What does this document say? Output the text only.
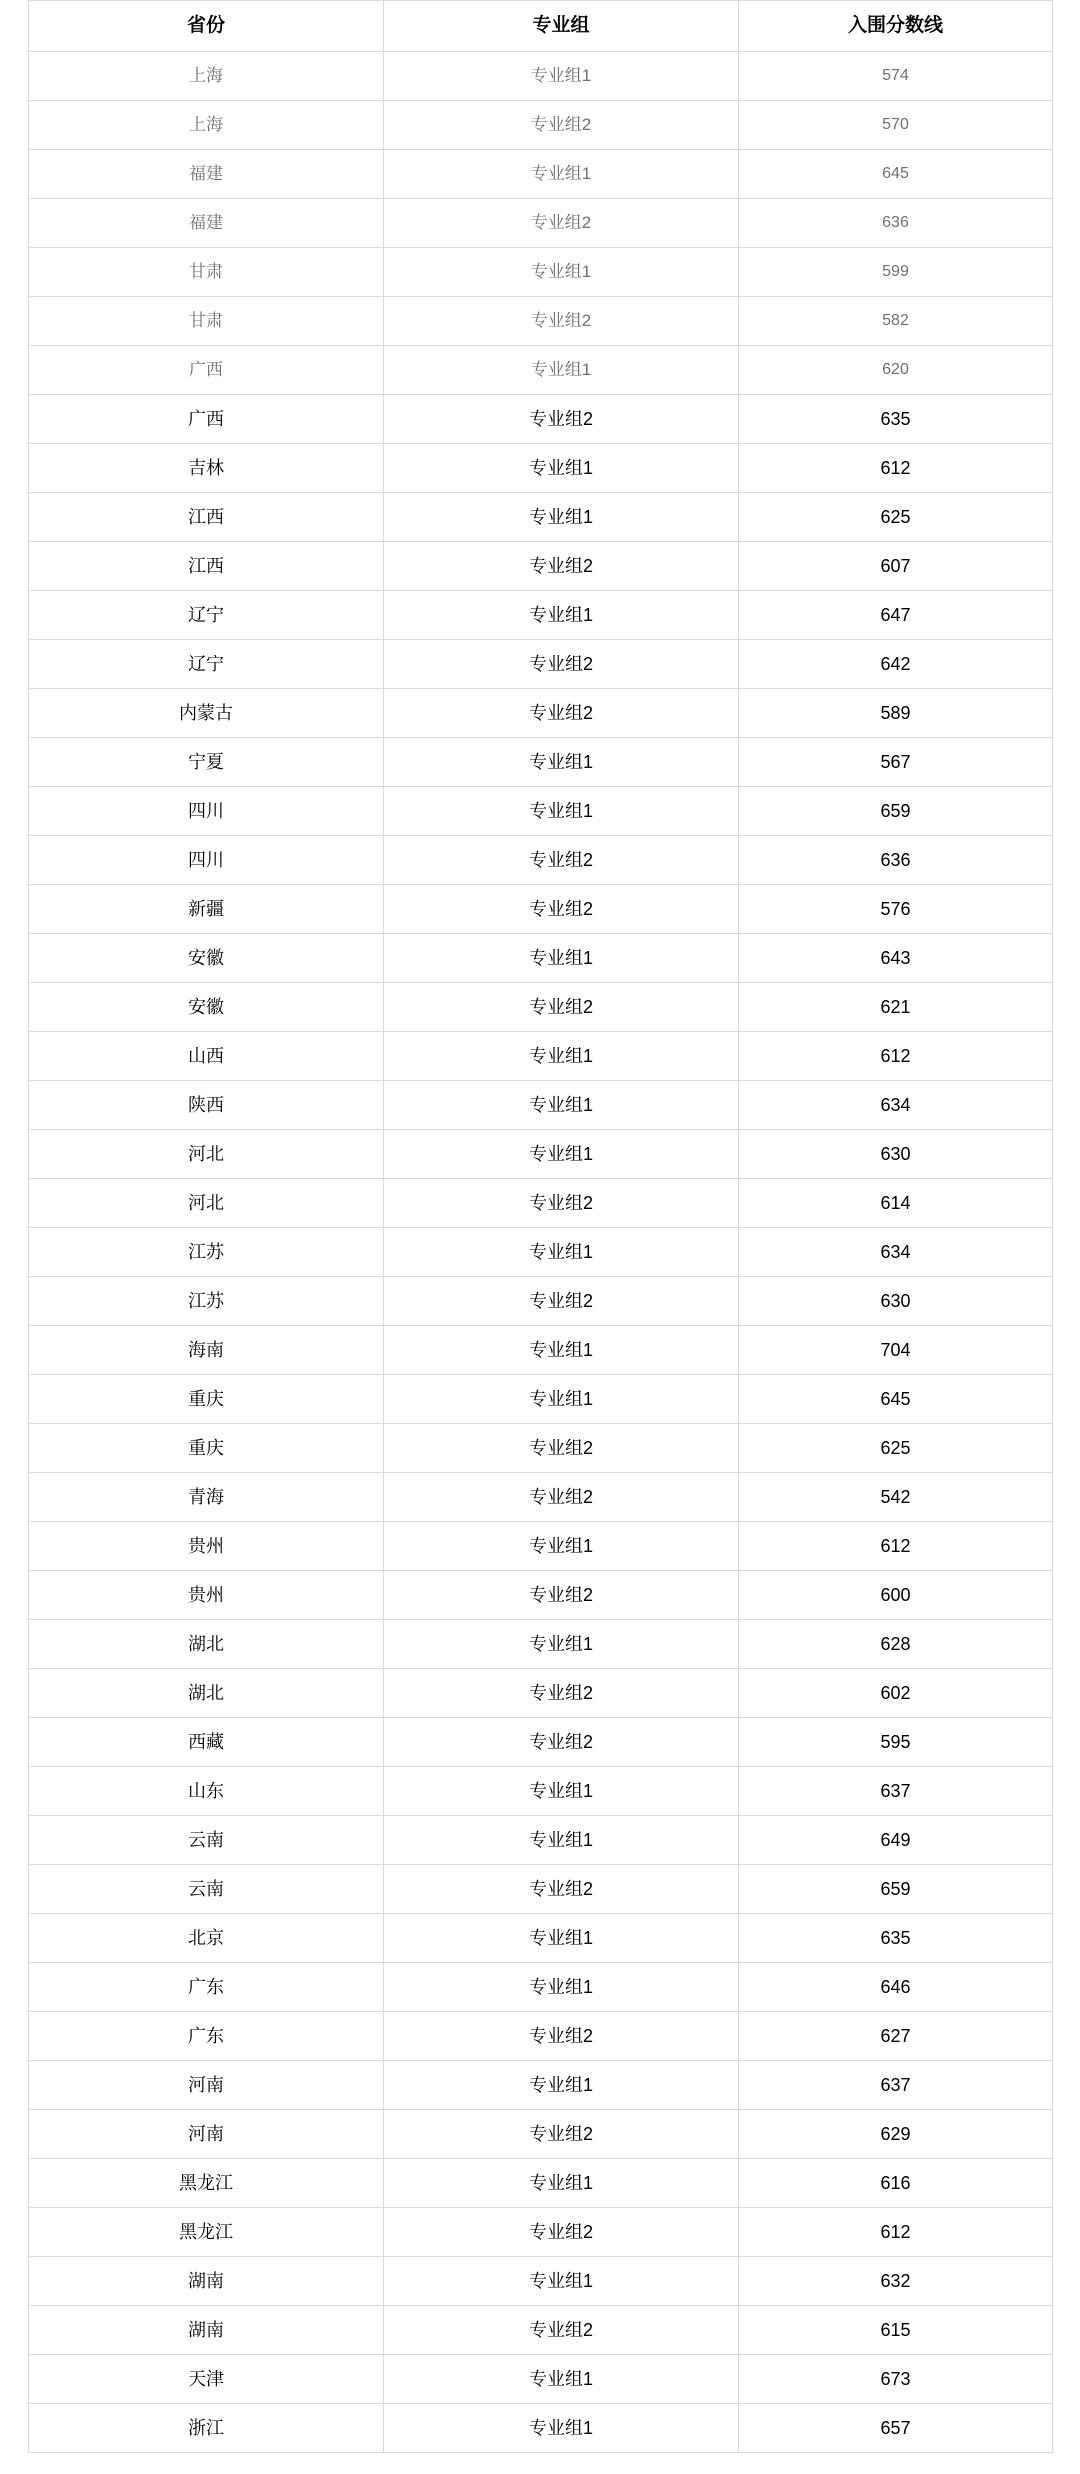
省份	专业组	入围分数线
上海	专业组1	574
上海	专业组2	570
福建	专业组1	645
福建	专业组2	636
甘肃	专业组1	599
甘肃	专业组2	582
广西	专业组1	620
广西	专业组2	635
吉林	专业组1	612
江西	专业组1	625
江西	专业组2	607
辽宁	专业组1	647
辽宁	专业组2	642
内蒙古	专业组2	589
宁夏	专业组1	567
四川	专业组1	659
四川	专业组2	636
新疆	专业组2	576
安徽	专业组1	643
安徽	专业组2	621
山西	专业组1	612
陕西	专业组1	634
河北	专业组1	630
河北	专业组2	614
江苏	专业组1	634
江苏	专业组2	630
海南	专业组1	704
重庆	专业组1	645
重庆	专业组2	625
青海	专业组2	542
贵州	专业组1	612
贵州	专业组2	600
湖北	专业组1	628
湖北	专业组2	602
西藏	专业组2	595
山东	专业组1	637
云南	专业组1	649
云南	专业组2	659
北京	专业组1	635
广东	专业组1	646
广东	专业组2	627
河南	专业组1	637
河南	专业组2	629
黑龙江	专业组1	616
黑龙江	专业组2	612
湖南	专业组1	632
湖南	专业组2	615
天津	专业组1	673
浙江	专业组1	657
